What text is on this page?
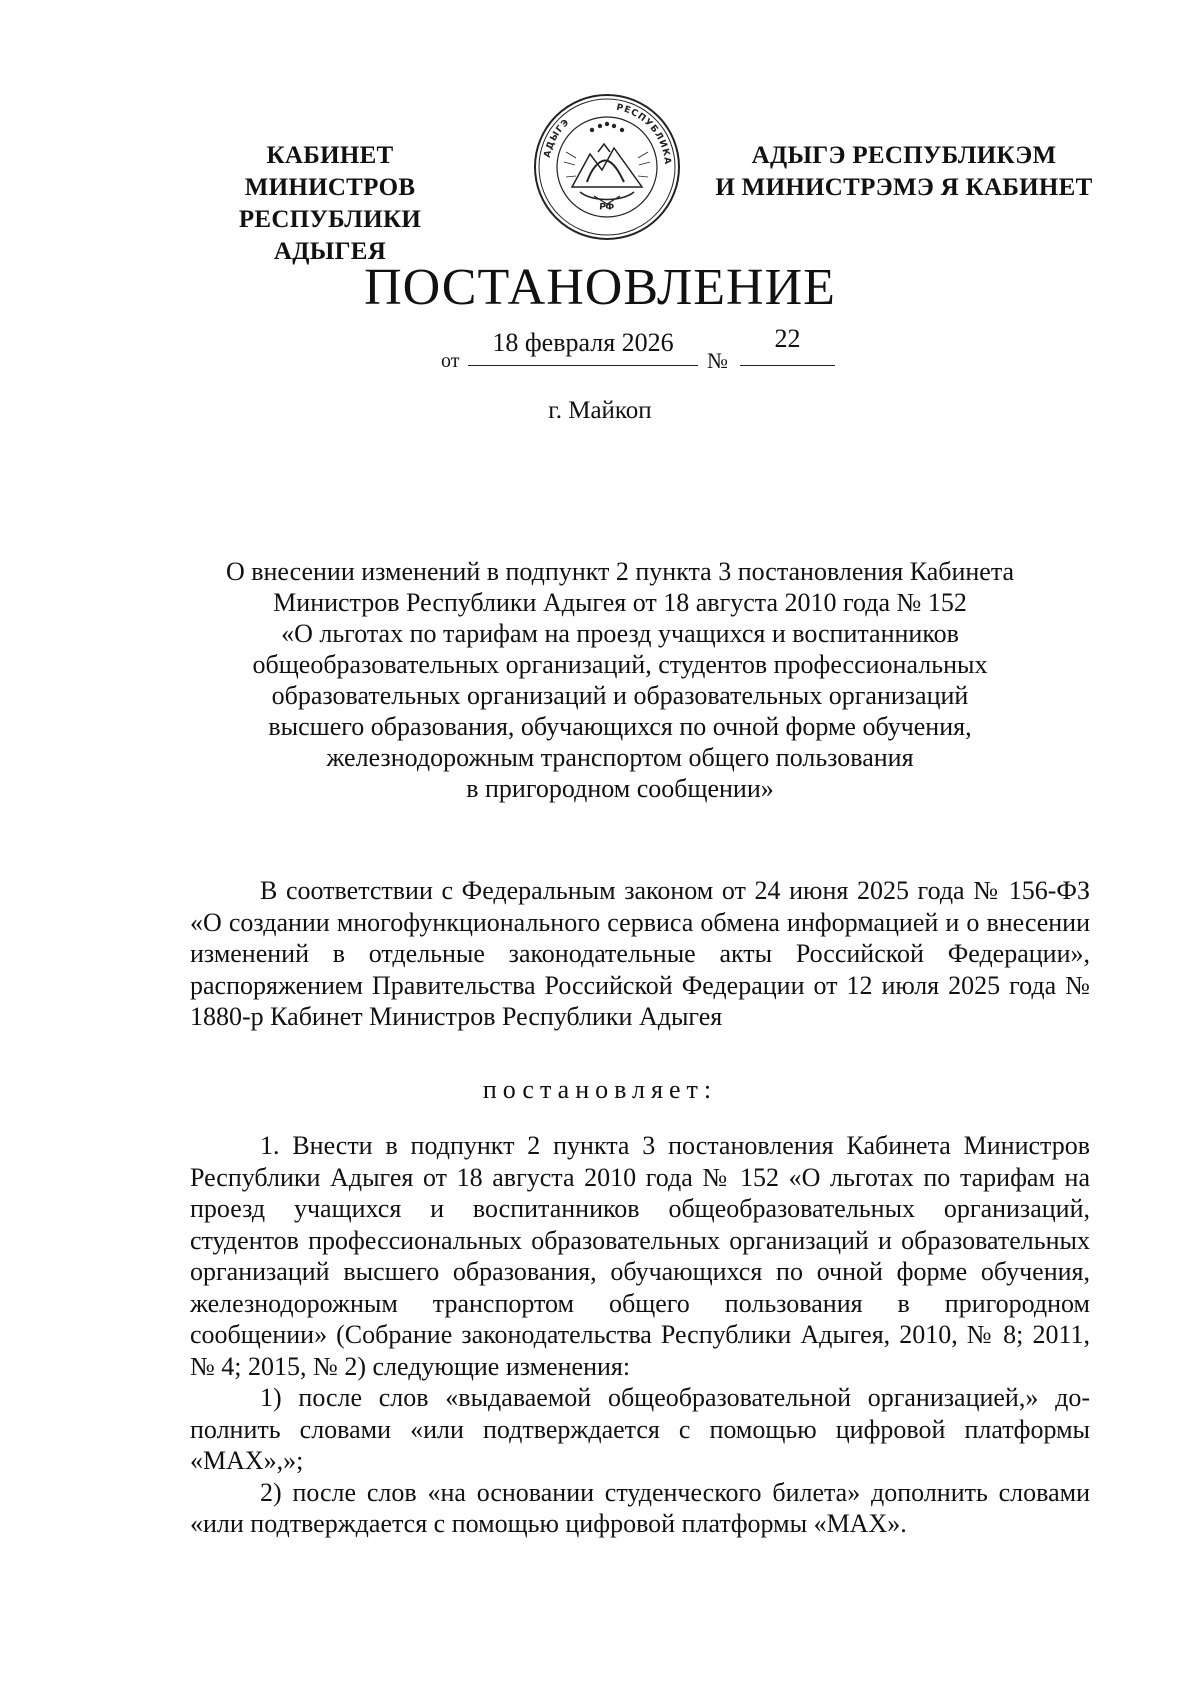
КАБИНЕТ МИНИСТРОВ
РЕСПУБЛИКИ АДЫГЕЯ
АДЫГЭ
РЕСПУБЛИКА
РФ
АДЫГЭ РЕСПУБЛИКЭМ
И МИНИСТРЭМЭ Я КАБИНЕТ
ПОСТАНОВЛЕНИЕ
от
18 февраля 2026
№
22
г. Майкоп
О внесении изменений в подпункт 2 пункта 3 постановления Кабинета
Министров Республики Адыгея от 18 августа 2010 года № 152
«О льготах по тарифам на проезд учащихся и воспитанников
общеобразовательных организаций, студентов профессиональных
образовательных организаций и образовательных организаций
высшего образования, обучающихся по очной форме обучения,
железнодорожным транспортом общего пользования
в пригородном сообщении»
В соответствии с Федеральным законом от 24 июня 2025 года № 156-ФЗ «О создании многофункционального сервиса обмена информацией и о внесении изменений в отдельные законодательные акты Российской Федерации», распоряжением Правительства Российской Федерации от 12 июля 2025 года № 1880-р Кабинет Министров Республики Адыгея
постановляет:

1. Внести в подпункт 2 пункта 3 постановления Кабинета Министров Республики Адыгея от 18 августа 2010 года № 152 «О льготах по тарифам на проезд учащихся и воспитанников общеобразовательных организаций, студентов профессиональных образовательных организаций и образовательных организаций высшего образования, обучающихся по очной форме обучения, железнодорожным транспортом общего пользования в пригородном сообщении» (Собрание законодательства Республики Адыгея, 2010, № 8; 2011, № 4; 2015, № 2) следующие изменения:

1) после слов «выдаваемой общеобразовательной организацией,» дополнить словами «или подтверждается с помощью цифровой платформы «MAX»,»;

2) после слов «на основании студенческого билета» дополнить словами «или подтверждается с помощью цифровой платформы «MAX».
